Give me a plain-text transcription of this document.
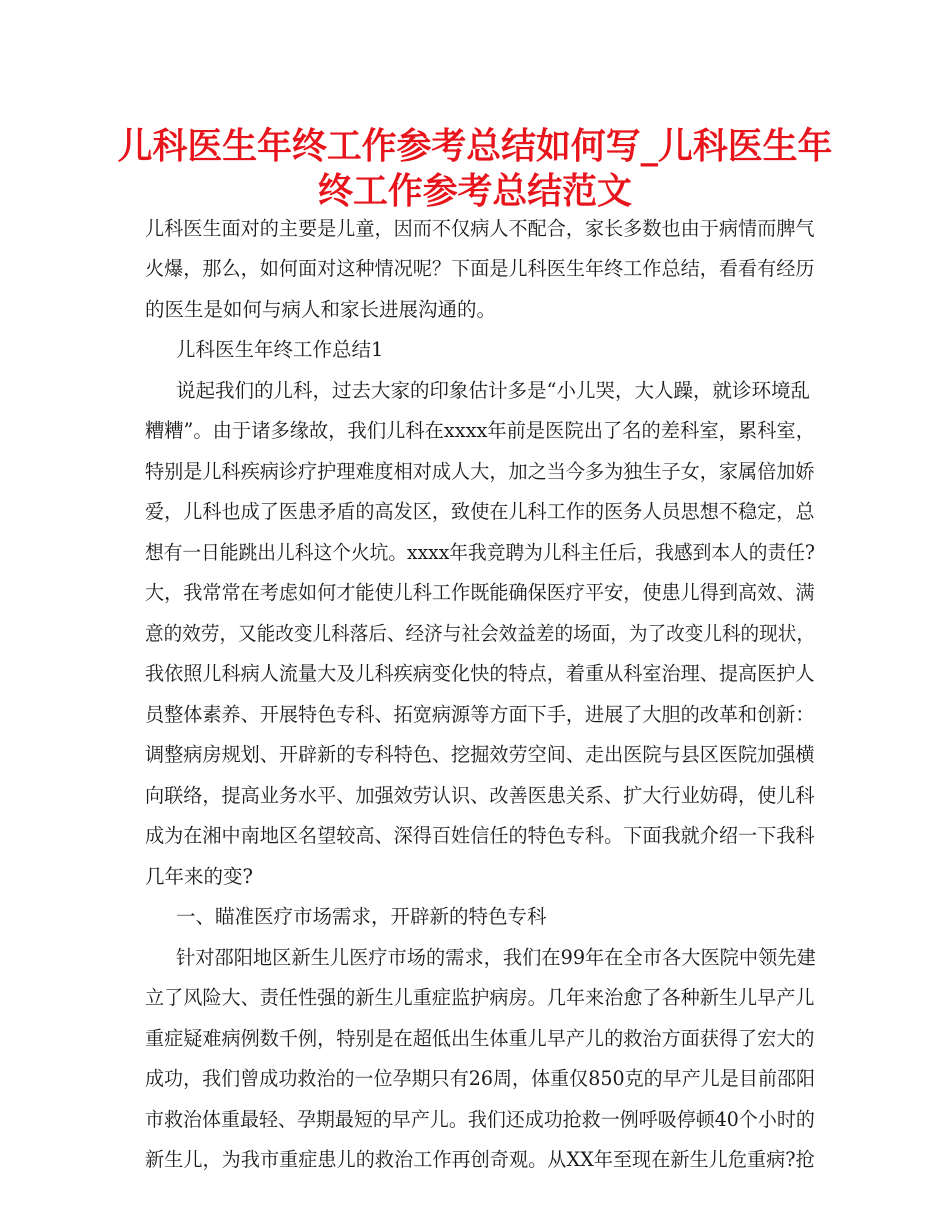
儿科医生年终工作参考总结如何写_儿科医生年
终工作参考总结范文

儿科医生面对的主要是儿童，因而不仅病人不配合，家长多数也由于病情而脾气

火爆，那么，如何面对这种情况呢？下面是儿科医生年终工作总结，看看有经历

的医生是如何与病人和家长进展沟通的。

儿科医生年终工作总结1

说起我们的儿科，过去大家的印象估计多是“小儿哭，大人躁，就诊环境乱

糟糟”。由于诸多缘故，我们儿科在xxxx年前是医院出了名的差科室，累科室，

特别是儿科疾病诊疗护理难度相对成人大，加之当今多为独生子女，家属倍加娇

爱，儿科也成了医患矛盾的高发区，致使在儿科工作的医务人员思想不稳定，总

想有一日能跳出儿科这个火坑。xxxx年我竞聘为儿科主任后，我感到本人的责任?

大，我常常在考虑如何才能使儿科工作既能确保医疗平安，使患儿得到高效、满

意的效劳，又能改变儿科落后、经济与社会效益差的场面，为了改变儿科的现状，

我依照儿科病人流量大及儿科疾病变化快的特点，着重从科室治理、提高医护人

员整体素养、开展特色专科、拓宽病源等方面下手，进展了大胆的改革和创新：

调整病房规划、开辟新的专科特色、挖掘效劳空间、走出医院与县区医院加强横

向联络，提高业务水平、加强效劳认识、改善医患关系、扩大行业妨碍，使儿科

成为在湘中南地区名望较高、深得百姓信任的特色专科。下面我就介绍一下我科

几年来的变?

一、瞄准医疗市场需求，开辟新的特色专科

针对邵阳地区新生儿医疗市场的需求，我们在99年在全市各大医院中领先建

立了风险大、责任性强的新生儿重症监护病房。几年来治愈了各种新生儿早产儿

重症疑难病例数千例，特别是在超低出生体重儿早产儿的救治方面获得了宏大的

成功，我们曾成功救治的一位孕期只有26周，体重仅850克的早产儿是目前邵阳

市救治体重最轻、孕期最短的早产儿。我们还成功抢救一例呼吸停顿40个小时的

新生儿，为我市重症患儿的救治工作再创奇观。从XX年至现在新生儿危重病?抢
